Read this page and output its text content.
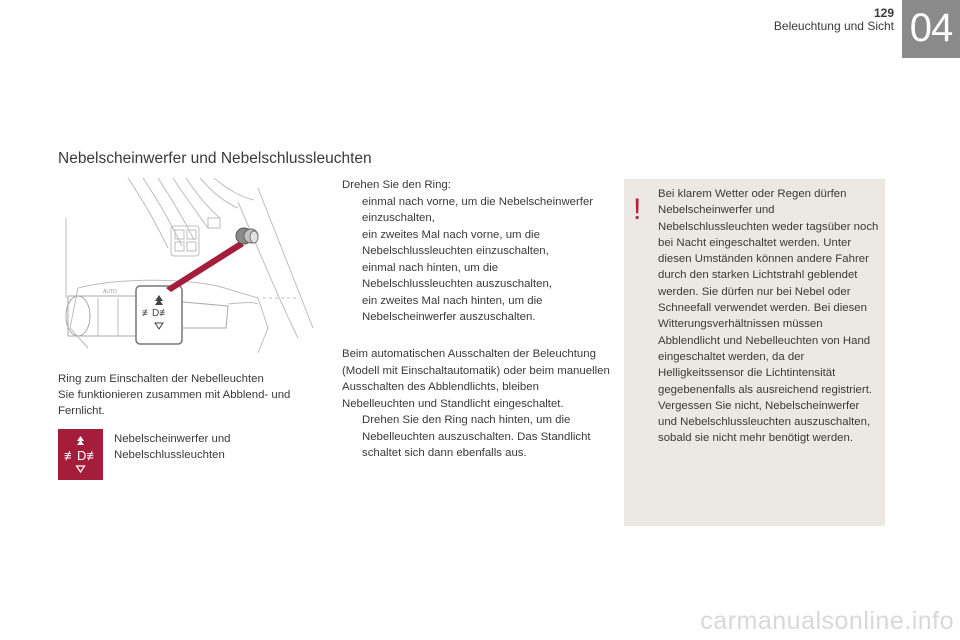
129
Beleuchtung und Sicht 04
Nebelscheinwerfer und Nebelschlussleuchten
≢D≢
AUTO

Ring zum Einschalten der Nebelleuchten

Sie funktionieren zusammen mit Abblend- und Fernlicht.

≢D≢
Nebelscheinwerfer und Nebelschlussleuchten

Drehen Sie den Ring:

einmal nach vorne, um die Nebelscheinwerfer einzuschalten,
ein zweites Mal nach vorne, um die Nebelschlussleuchten einzuschalten,
einmal nach hinten, um die Nebelschlussleuchten auszuschalten,
ein zweites Mal nach hinten, um die Nebelscheinwerfer auszuschalten.

Beim automatischen Ausschalten der Beleuchtung (Modell mit Einschaltautomatik) oder beim manuellen Ausschalten des Abblendlichts, bleiben Nebelleuchten und Standlicht eingeschaltet.

Drehen Sie den Ring nach hinten, um die Nebelleuchten auszuschalten. Das Standlicht schaltet sich dann ebenfalls aus.
! Bei klarem Wetter oder Regen dürfen Nebelscheinwerfer und Nebelschlussleuchten weder tagsüber noch bei Nacht eingeschaltet werden. Unter diesen Umständen können andere Fahrer durch den starken Lichtstrahl geblendet werden. Sie dürfen nur bei Nebel oder Schneefall verwendet werden. Bei diesen Witterungsverhältnissen müssen Abblendlicht und Nebelleuchten von Hand eingeschaltet werden, da der Helligkeitssensor die Lichtintensität gegebenenfalls als ausreichend registriert. Vergessen Sie nicht, Nebelscheinwerfer und Nebelschlussleuchten auszuschalten, sobald sie nicht mehr benötigt werden.
carmanualsonline.info
